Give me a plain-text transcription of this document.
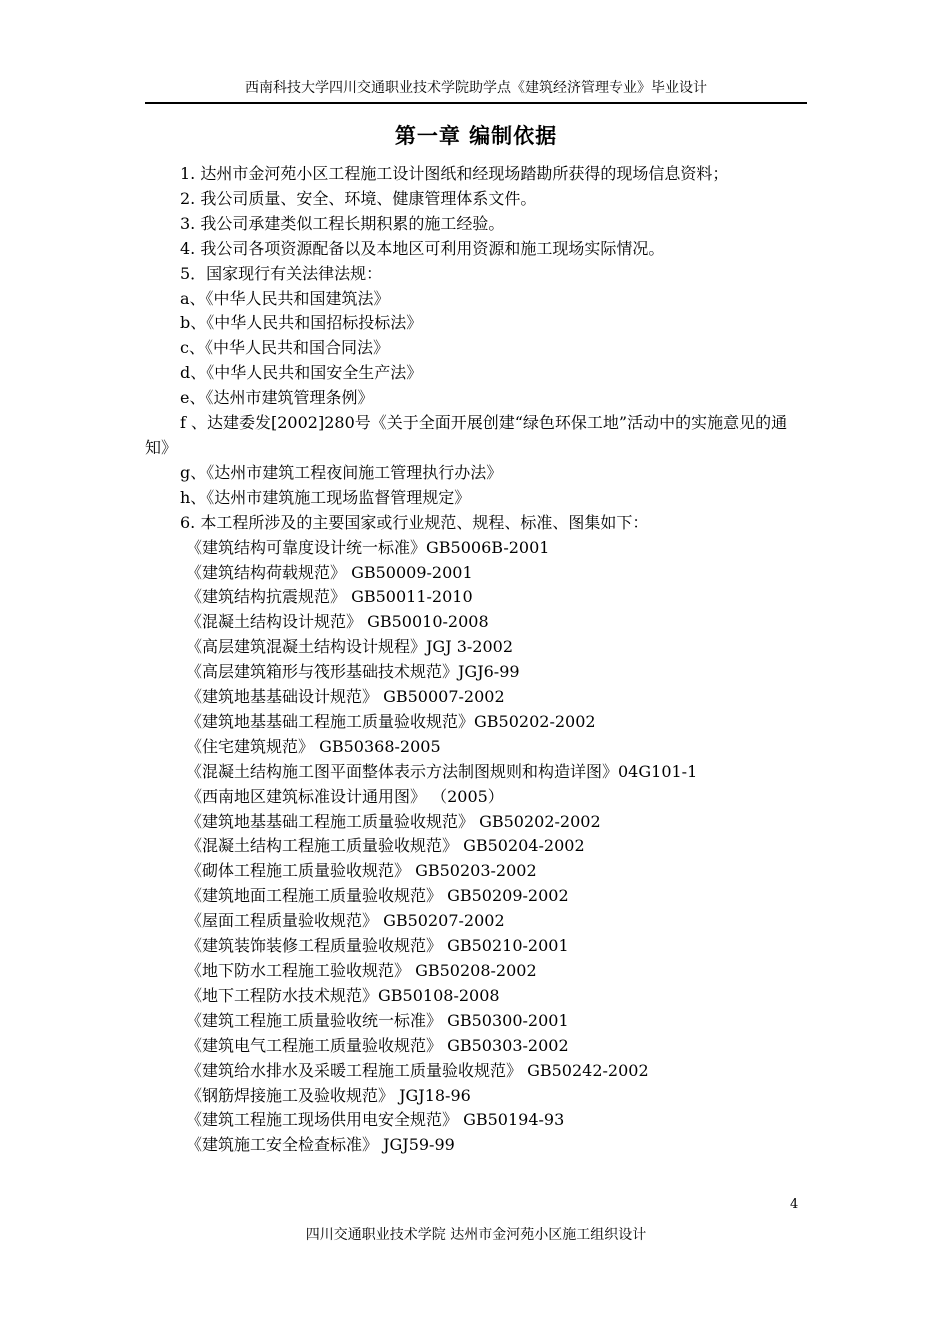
西南科技大学四川交通职业技术学院助学点《建筑经济管理专业》毕业设计
第一章 编制依据
1. 达州市金河苑小区工程施工设计图纸和经现场踏勘所获得的现场信息资料；
2. 我公司质量、安全、环境、健康管理体系文件。
3. 我公司承建类似工程长期积累的施工经验。
4. 我公司各项资源配备以及本地区可利用资源和施工现场实际情况。
5．国家现行有关法律法规：
a、《中华人民共和国建筑法》
b、《中华人民共和国招标投标法》
c、《中华人民共和国合同法》
d、《中华人民共和国安全生产法》
e、《达州市建筑管理条例》
f 、达建委发[2002]280号《关于全面开展创建“绿色环保工地”活动中的实施意见的通知》
g、《达州市建筑工程夜间施工管理执行办法》
h、《达州市建筑施工现场监督管理规定》
6. 本工程所涉及的主要国家或行业规范、规程、标准、图集如下：
《建筑结构可靠度设计统一标准》GB5006B-2001
《建筑结构荷载规范》 GB50009-2001
《建筑结构抗震规范》 GB50011-2010
《混凝土结构设计规范》 GB50010-2008
《高层建筑混凝土结构设计规程》JGJ 3-2002
《高层建筑箱形与筏形基础技术规范》JGJ6-99
《建筑地基基础设计规范》 GB50007-2002
《建筑地基基础工程施工质量验收规范》GB50202-2002
《住宅建筑规范》 GB50368-2005
《混凝土结构施工图平面整体表示方法制图规则和构造详图》04G101-1
《西南地区建筑标准设计通用图》 （2005）
《建筑地基基础工程施工质量验收规范》 GB50202-2002
《混凝土结构工程施工质量验收规范》 GB50204-2002
《砌体工程施工质量验收规范》 GB50203-2002
《建筑地面工程施工质量验收规范》 GB50209-2002
《屋面工程质量验收规范》 GB50207-2002
《建筑装饰装修工程质量验收规范》 GB50210-2001
《地下防水工程施工验收规范》 GB50208-2002
《地下工程防水技术规范》GB50108-2008
《建筑工程施工质量验收统一标准》 GB50300-2001
《建筑电气工程施工质量验收规范》 GB50303-2002
《建筑给水排水及采暖工程施工质量验收规范》 GB50242-2002
《钢筋焊接施工及验收规范》 JGJ18-96
《建筑工程施工现场供用电安全规范》 GB50194-93
《建筑施工安全检查标准》 JGJ59-99
4
四川交通职业技术学院 达州市金河苑小区施工组织设计
